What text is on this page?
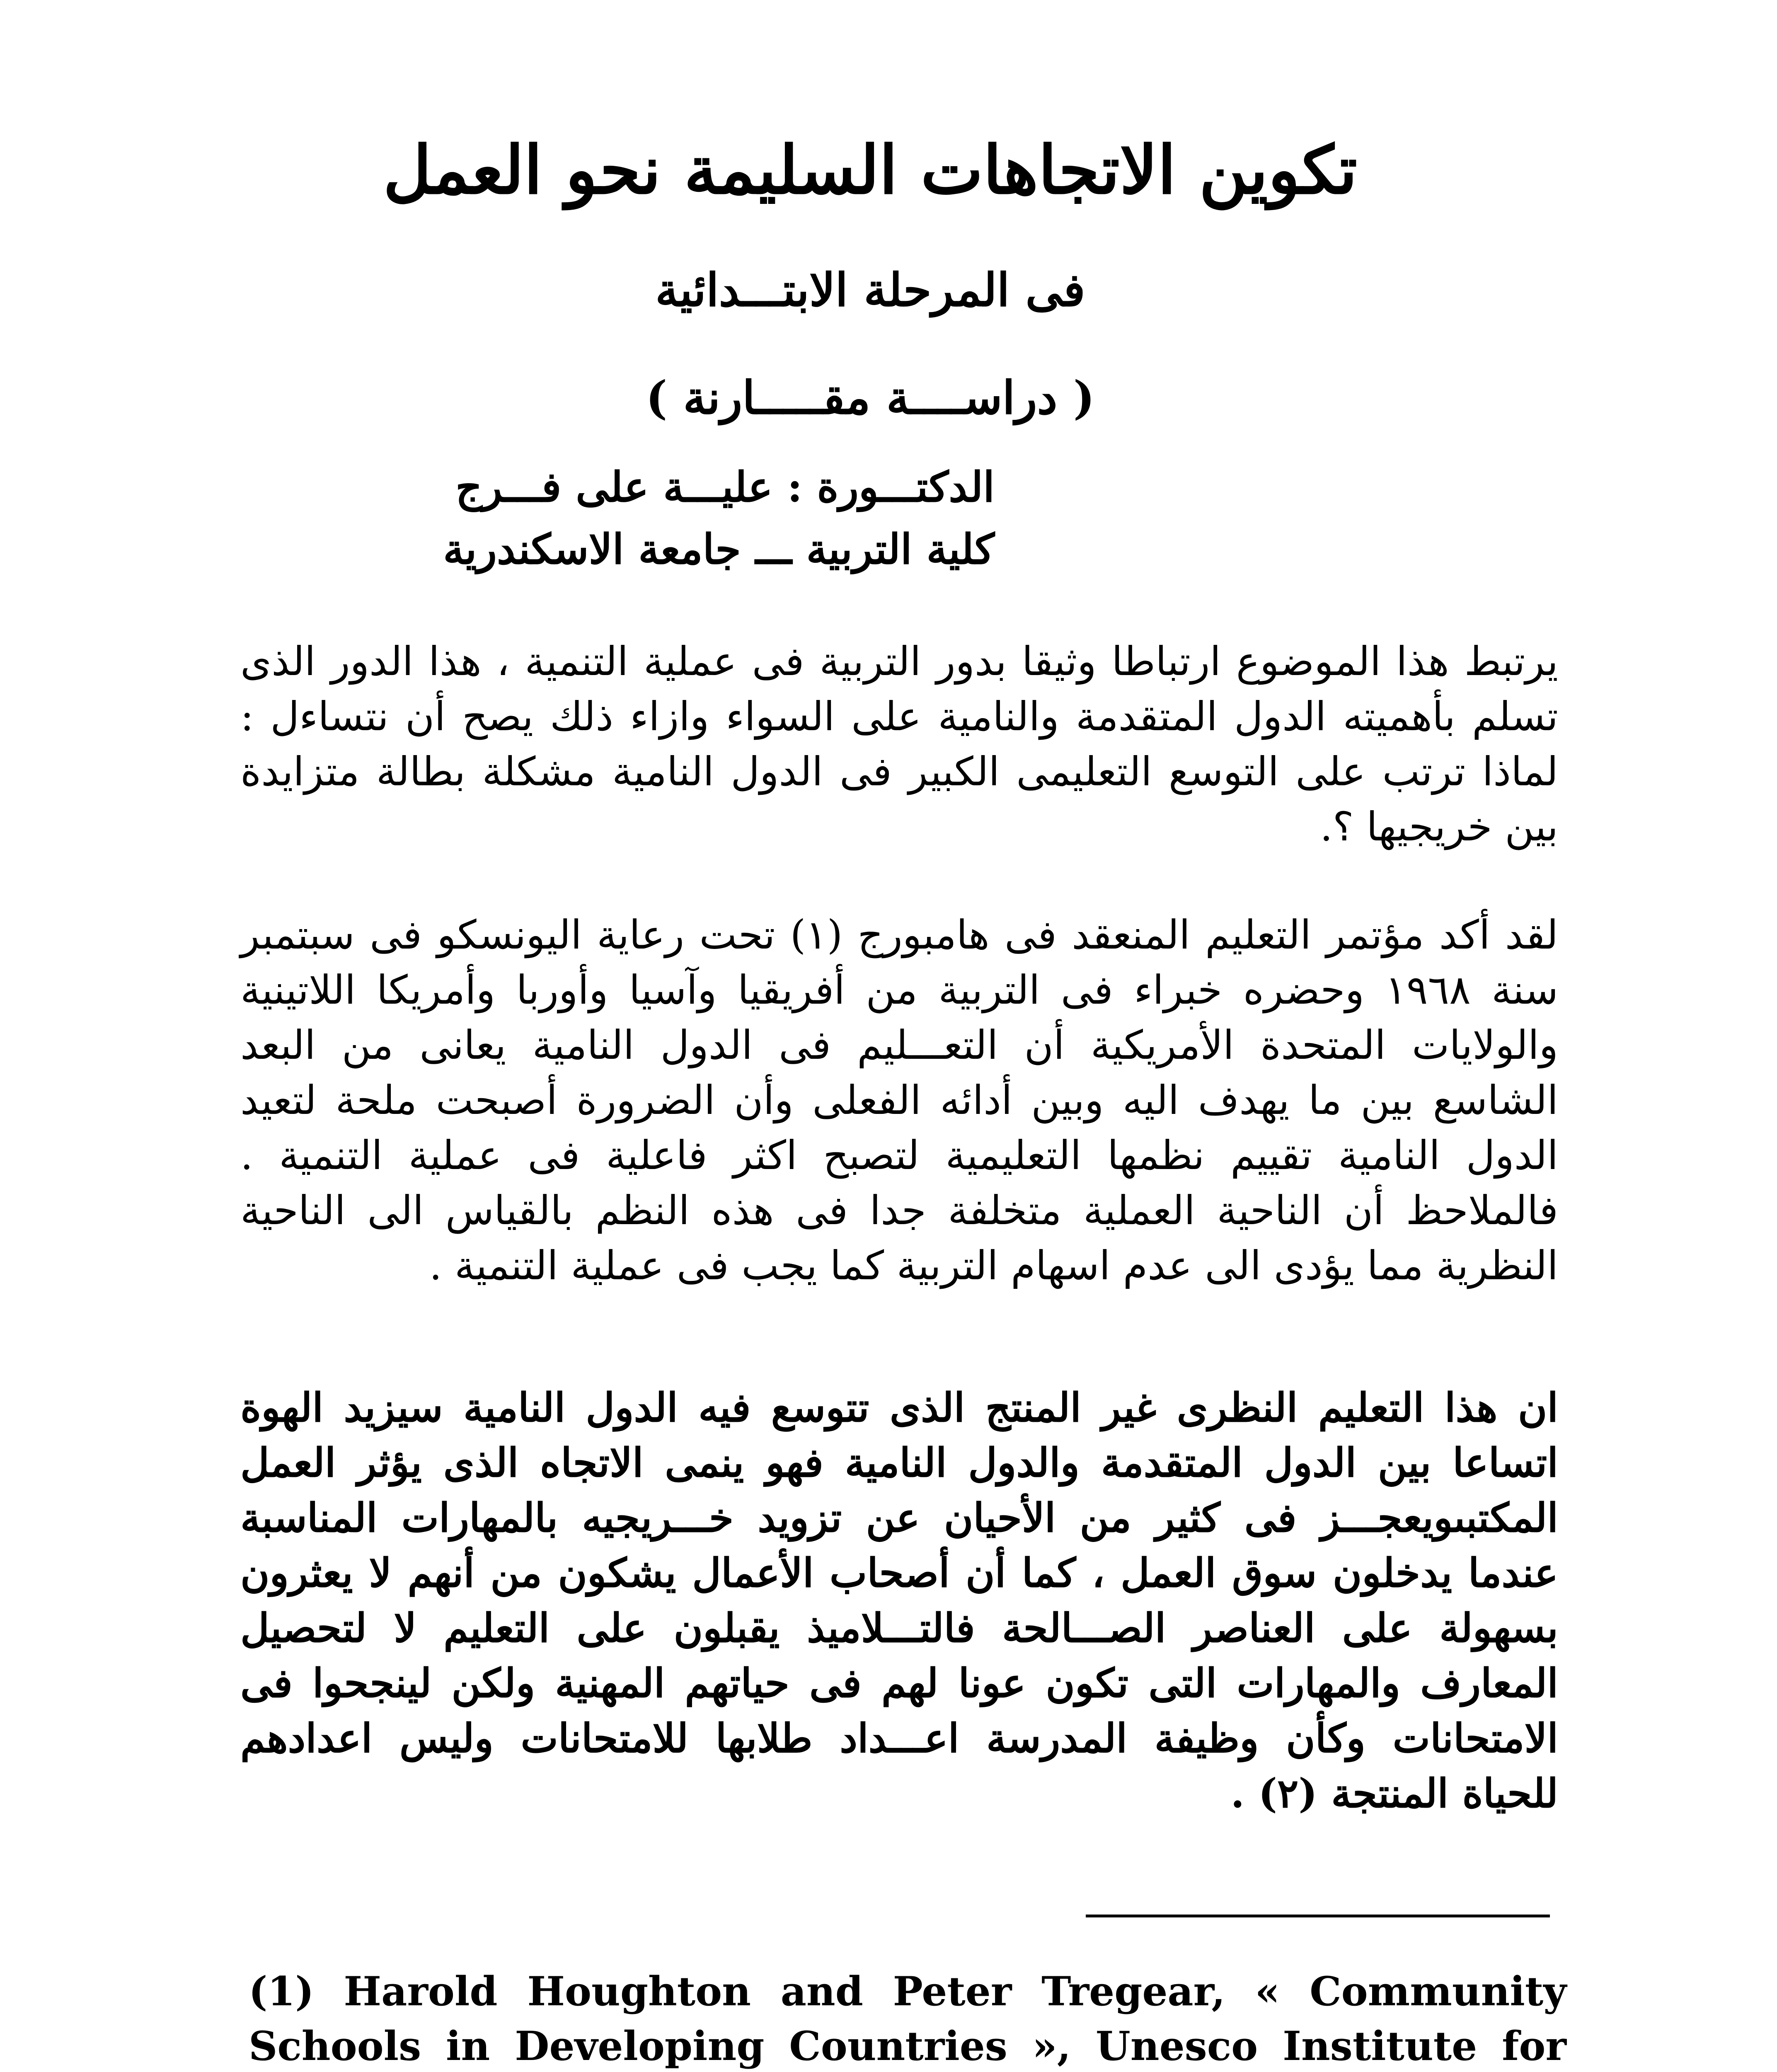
تكوين الاتجاهات السليمة نحو العمل
فى المرحلة الابتـــدائية
( دراســــة مقـــــارنة )
الدكتـــورة : عليـــة على فـــرج
كلية التربية ـــ جامعة الاسكندرية
يرتبط هذا الموضوع ارتباطا وثيقا بدور التربية فى عملية التنمية ، هذا الدور الذى تسلم بأهميته الدول المتقدمة والنامية على السواء وازاء ذلك يصح أن نتساءل : لماذا ترتب على التوسع التعليمى الكبير فى الدول النامية مشكلة بطالة متزايدة بين خريجيها ؟.
لقد أكد مؤتمر التعليم المنعقد فى هامبورج (١) تحت رعاية اليونسكو فى سبتمبر سنة ١٩٦٨ وحضره خبراء فى التربية من أفريقيا وآسيا وأوربا وأمريكا اللاتينية والولايات المتحدة الأمريكية أن التعـــليم فى الدول النامية يعانى من البعد الشاسع بين ما يهدف اليه وبين أدائه الفعلى وأن الضرورة أصبحت ملحة لتعيد الدول النامية تقييم نظمها التعليمية لتصبح اكثر فاعلية فى عملية التنمية . فالملاحظ أن الناحية العملية متخلفة جدا فى هذه النظم بالقياس الى الناحية النظرية مما يؤدى الى عدم اسهام التربية كما يجب فى عملية التنمية .
ان هذا التعليم النظرى غير المنتج الذى تتوسع فيه الدول النامية سيزيد الهوة اتساعا بين الدول المتقدمة والدول النامية فهو ينمى الاتجاه الذى يؤثر العمل المكتبىويعجـــز فى كثير من الأحيان عن تزويد خـــريجيه بالمهارات المناسبة عندما يدخلون سوق العمل ، كما أن أصحاب الأعمال يشكون من أنهم لا يعثرون بسهولة على العناصر الصـــالحة فالتـــلاميذ يقبلون على التعليم لا لتحصيل المعارف والمهارات التى تكون عونا لهم فى حياتهم المهنية ولكن لينجحوا فى الامتحانات وكأن وظيفة المدرسة اعـــداد طلابها للامتحانات وليس اعدادهم للحياة المنتجة (٢) .
(1) Harold Houghton and Peter Tregear, « Community Schools in Developing Countries », Unesco Institute for
